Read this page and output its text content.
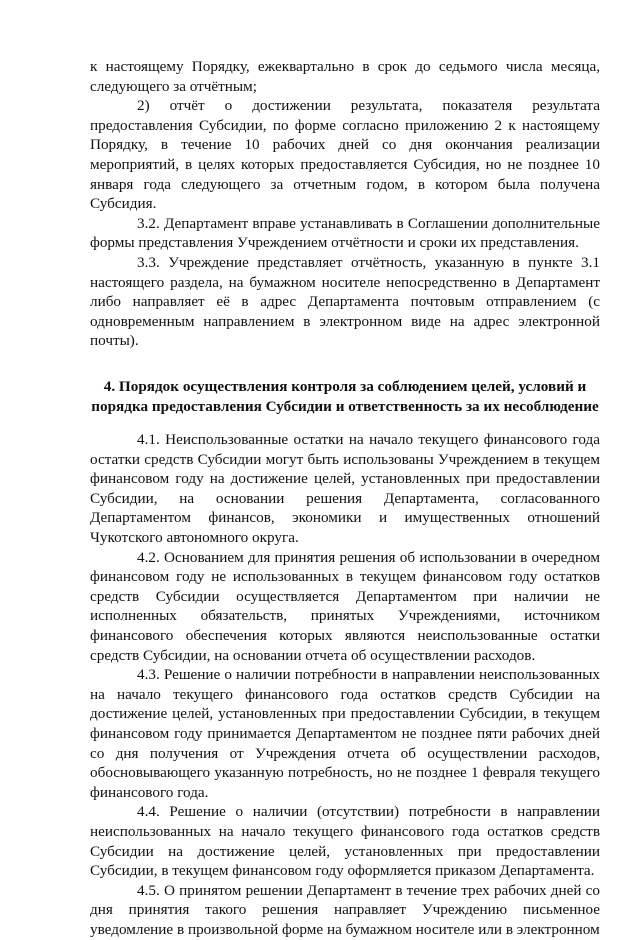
к настоящему Порядку, ежеквартально в срок до седьмого числа месяца, следующего за отчётным;

2) отчёт о достижении результата, показателя результата предоставления Субсидии, по форме согласно приложению 2 к настоящему Порядку, в течение 10 рабочих дней со дня окончания реализации мероприятий, в целях которых предоставляется Субсидия, но не позднее 10 января года следующего за отчетным годом, в котором была получена Субсидия.

3.2. Департамент вправе устанавливать в Соглашении дополнительные формы представления Учреждением отчётности и сроки их представления.

3.3. Учреждение представляет отчётность, указанную в пункте 3.1 настоящего раздела, на бумажном носителе непосредственно в Департамент либо направляет её в адрес Департамента почтовым отправлением (с одновременным направлением в электронном виде на адрес электронной почты).

4. Порядок осуществления контроля за соблюдением целей, условий и
порядка предоставления Субсидии и ответственность за их несоблюдение

4.1. Неиспользованные остатки на начало текущего финансового года остатки средств Субсидии могут быть использованы Учреждением в текущем финансовом году на достижение целей, установленных при предоставлении Субсидии, на основании решения Департамента, согласованного Департаментом финансов, экономики и имущественных отношений Чукотского автономного округа.

4.2. Основанием для принятия решения об использовании в очередном финансовом году не использованных в текущем финансовом году остатков средств Субсидии осуществляется Департаментом при наличии не исполненных обязательств, принятых Учреждениями, источником финансового обеспечения которых являются неиспользованные остатки средств Субсидии, на основании отчета об осуществлении расходов.

4.3. Решение о наличии потребности в направлении неиспользованных на начало текущего финансового года остатков средств Субсидии на достижение целей, установленных при предоставлении Субсидии, в текущем финансовом году принимается Департаментом не позднее пяти рабочих дней со дня получения от Учреждения отчета об осуществлении расходов, обосновывающего указанную потребность, но не позднее 1 февраля текущего финансового года.

4.4. Решение о наличии (отсутствии) потребности в направлении неиспользованных на начало текущего финансового года остатков средств Субсидии на достижение целей, установленных при предоставлении Субсидии, в текущем финансовом году оформляется приказом Департамента.

4.5. О принятом решении Департамент в течение трех рабочих дней со дня принятия такого решения направляет Учреждению письменное уведомление в произвольной форме на бумажном носителе или в электронном
